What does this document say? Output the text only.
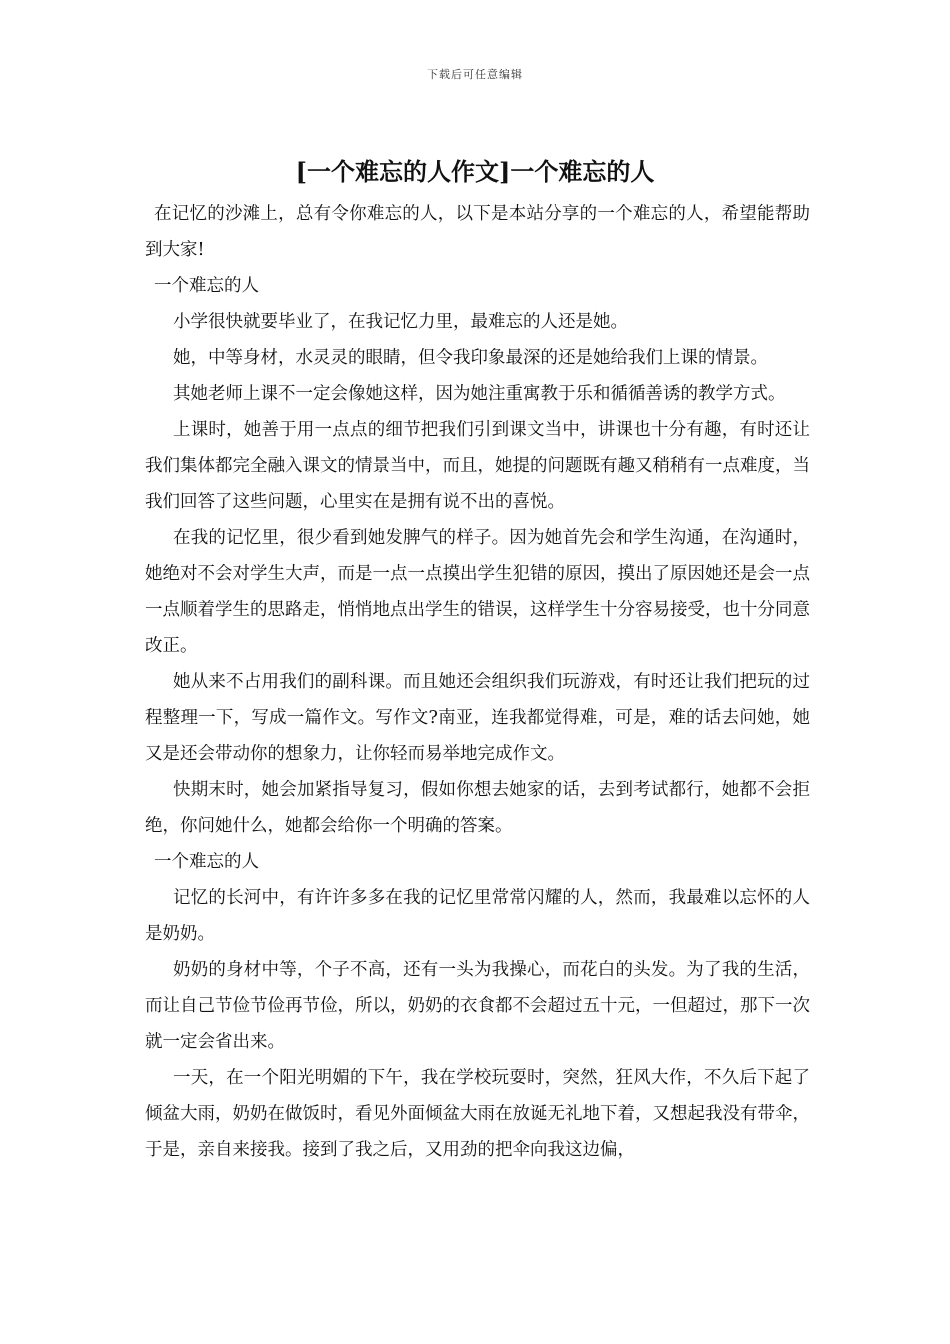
下载后可任意编辑
[一个难忘的人作文]一个难忘的人

在记忆的沙滩上，总有令你难忘的人，以下是本站分享的一个难忘的人，希望能帮助到大家!

一个难忘的人

小学很快就要毕业了，在我记忆力里，最难忘的人还是她。

她，中等身材，水灵灵的眼睛，但令我印象最深的还是她给我们上课的情景。

其她老师上课不一定会像她这样，因为她注重寓教于乐和循循善诱的教学方式。

上课时，她善于用一点点的细节把我们引到课文当中，讲课也十分有趣，有时还让我们集体都完全融入课文的情景当中，而且，她提的问题既有趣又稍稍有一点难度，当我们回答了这些问题，心里实在是拥有说不出的喜悦。

在我的记忆里，很少看到她发脾气的样子。因为她首先会和学生沟通，在沟通时，她绝对不会对学生大声，而是一点一点摸出学生犯错的原因，摸出了原因她还是会一点一点顺着学生的思路走，悄悄地点出学生的错误，这样学生十分容易接受，也十分同意改正。

她从来不占用我们的副科课。而且她还会组织我们玩游戏，有时还让我们把玩的过程整理一下，写成一篇作文。写作文?南亚，连我都觉得难，可是，难的话去问她，她又是还会带动你的想象力，让你轻而易举地完成作文。

快期末时，她会加紧指导复习，假如你想去她家的话，去到考试都行，她都不会拒绝，你问她什么，她都会给你一个明确的答案。

一个难忘的人

记忆的长河中，有许许多多在我的记忆里常常闪耀的人，然而，我最难以忘怀的人是奶奶。

奶奶的身材中等，个子不高，还有一头为我操心，而花白的头发。为了我的生活，而让自己节俭节俭再节俭，所以，奶奶的衣食都不会超过五十元，一但超过，那下一次就一定会省出来。

一天，在一个阳光明媚的下午，我在学校玩耍时，突然，狂风大作，不久后下起了倾盆大雨，奶奶在做饭时，看见外面倾盆大雨在放诞无礼地下着，又想起我没有带伞，于是，亲自来接我。接到了我之后，又用劲的把伞向我这边偏，
